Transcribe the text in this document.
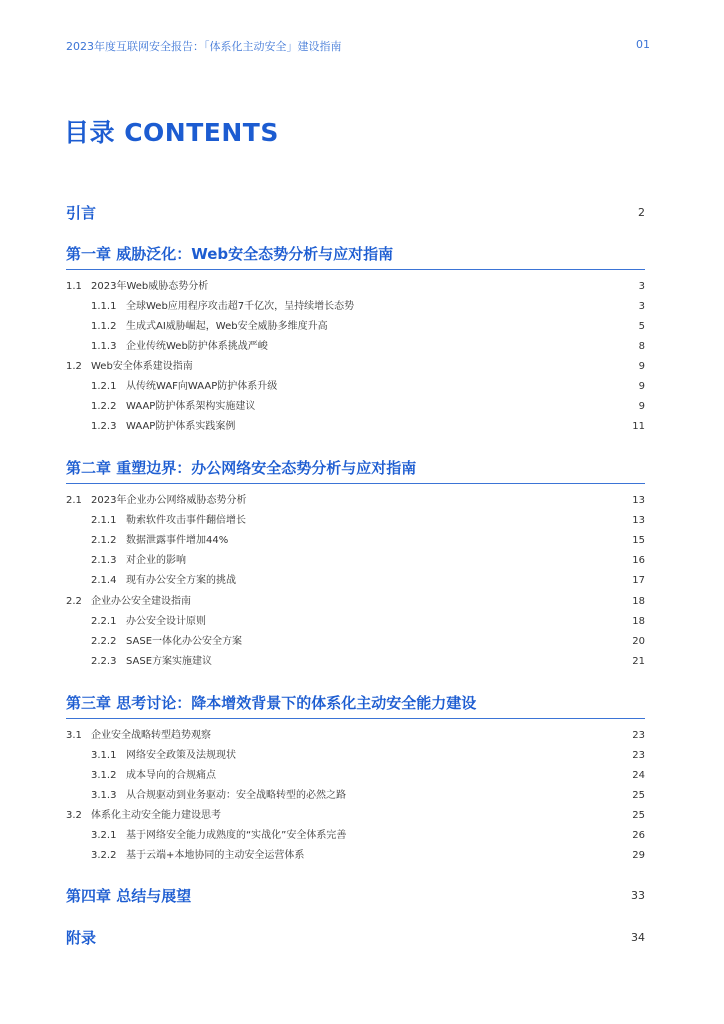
2023年度互联网安全报告：「体系化主动安全」建设指南	01
目录 CONTENTS
引言	2
第一章 威胁泛化：Web安全态势分析与应对指南
1.1 2023年Web威胁态势分析	3
1.1.1 全球Web应用程序攻击超7千亿次，呈持续增长态势	3
1.1.2 生成式AI威胁崛起，Web安全威胁多维度升高	5
1.1.3 企业传统Web防护体系挑战严峻	8
1.2 Web安全体系建设指南	9
1.2.1 从传统WAF向WAAP防护体系升级	9
1.2.2 WAAP防护体系架构实施建议	9
1.2.3 WAAP防护体系实践案例	11
第二章 重塑边界：办公网络安全态势分析与应对指南
2.1 2023年企业办公网络威胁态势分析	13
2.1.1 勒索软件攻击事件翻倍增长	13
2.1.2 数据泄露事件增加44%	15
2.1.3 对企业的影响	16
2.1.4 现有办公安全方案的挑战	17
2.2 企业办公安全建设指南	18
2.2.1 办公安全设计原则	18
2.2.2 SASE一体化办公安全方案	20
2.2.3 SASE方案实施建议	21
第三章 思考讨论：降本增效背景下的体系化主动安全能力建设
3.1 企业安全战略转型趋势观察	23
3.1.1 网络安全政策及法规现状	23
3.1.2 成本导向的合规痛点	24
3.1.3 从合规驱动到业务驱动：安全战略转型的必然之路	25
3.2 体系化主动安全能力建设思考	25
3.2.1 基于网络安全能力成熟度的“实战化”安全体系完善	26
3.2.2 基于云端+本地协同的主动安全运营体系	29
第四章 总结与展望	33
附录	34
